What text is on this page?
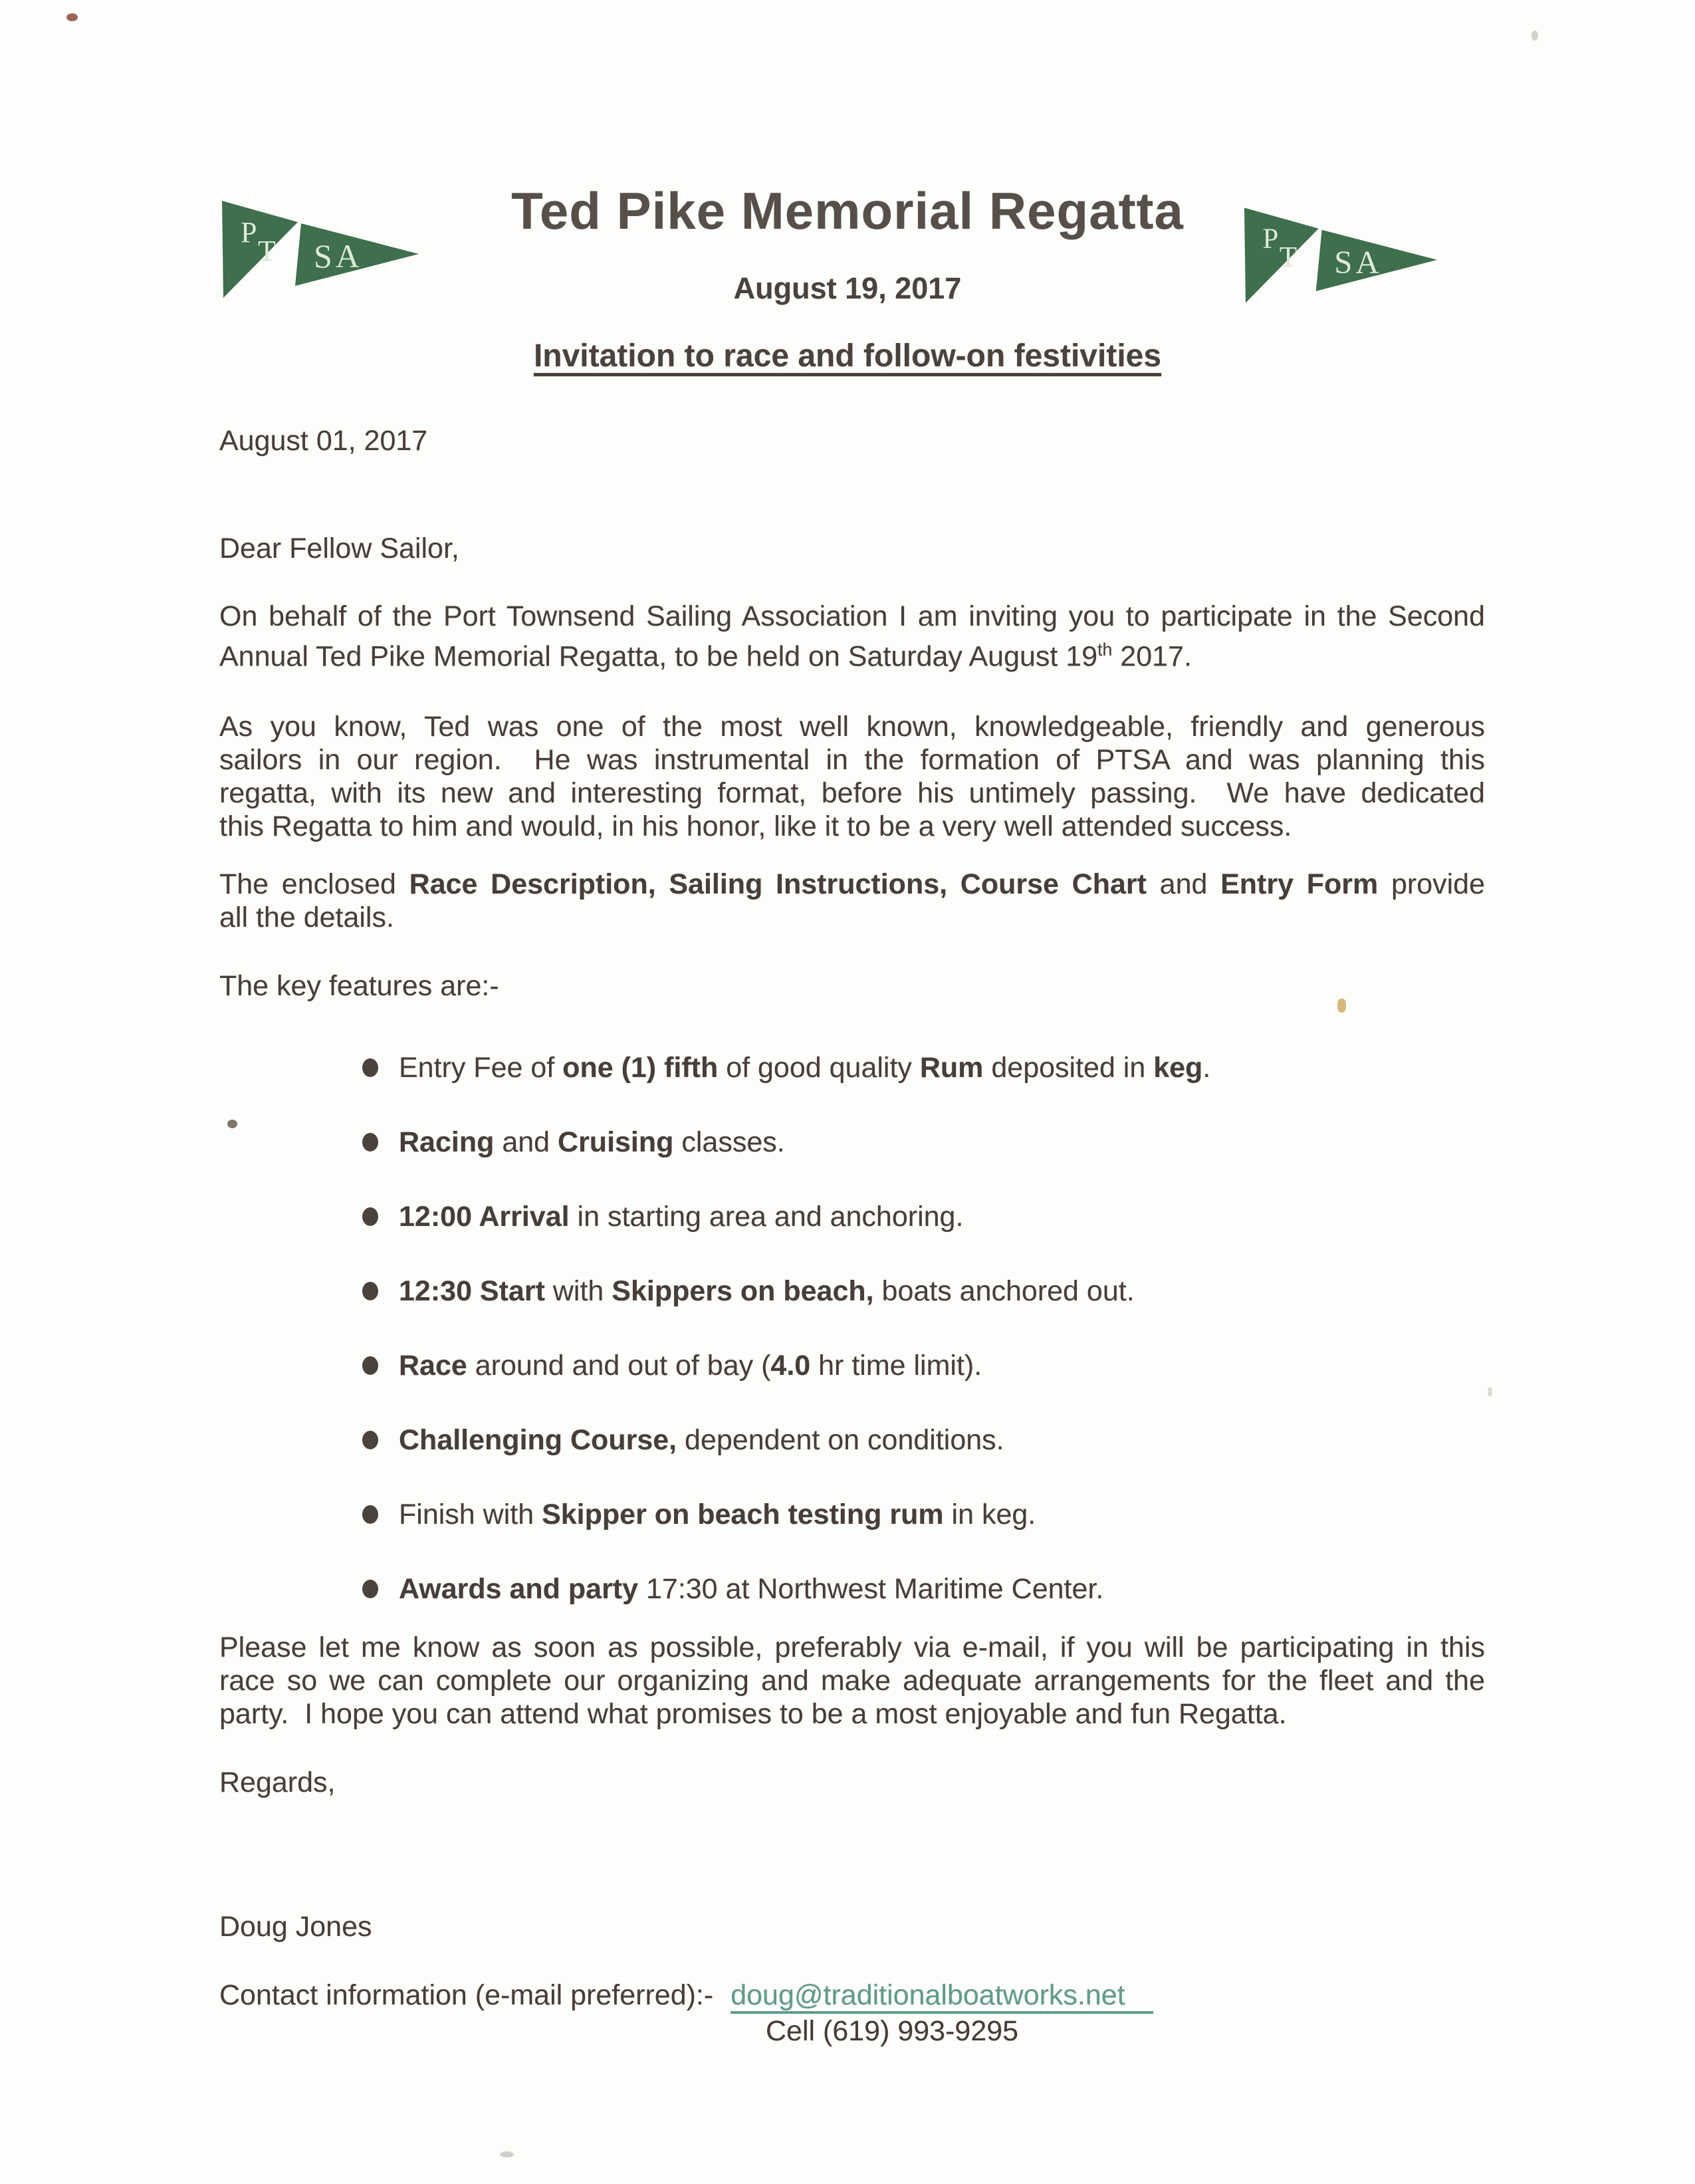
P
T SA	P
T SA
Ted Pike Memorial Regatta
August 19, 2017
Invitation to race and follow-on festivities
August 01, 2017
Dear Fellow Sailor,
On behalf of the Port Townsend Sailing Association I am inviting you to participate in the Second
Annual Ted Pike Memorial Regatta, to be held on Saturday August 19th 2017.
As you know, Ted was one of the most well known, knowledgeable, friendly and generous
sailors in our region.  He was instrumental in the formation of PTSA and was planning this
regatta, with its new and interesting format, before his untimely passing.  We have dedicated
this Regatta to him and would, in his honor, like it to be a very well attended success.
The enclosed Race Description, Sailing Instructions, Course Chart and Entry Form provide
all the details.
The key features are:-
Entry Fee of one (1) fifth of good quality Rum deposited in keg.
Racing and Cruising classes.
12:00 Arrival in starting area and anchoring.
12:30 Start with Skippers on beach, boats anchored out.
Race around and out of bay (4.0 hr time limit).
Challenging Course, dependent on conditions.
Finish with Skipper on beach testing rum in keg.
Awards and party 17:30 at Northwest Maritime Center.
Please let me know as soon as possible, preferably via e-mail, if you will be participating in this
race so we can complete our organizing and make adequate arrangements for the fleet and the
party.  I hope you can attend what promises to be a most enjoyable and fun Regatta.
Regards,
Doug Jones
Contact information (e-mail preferred):- doug@traditionalboatworks.net
Cell (619) 993-9295
